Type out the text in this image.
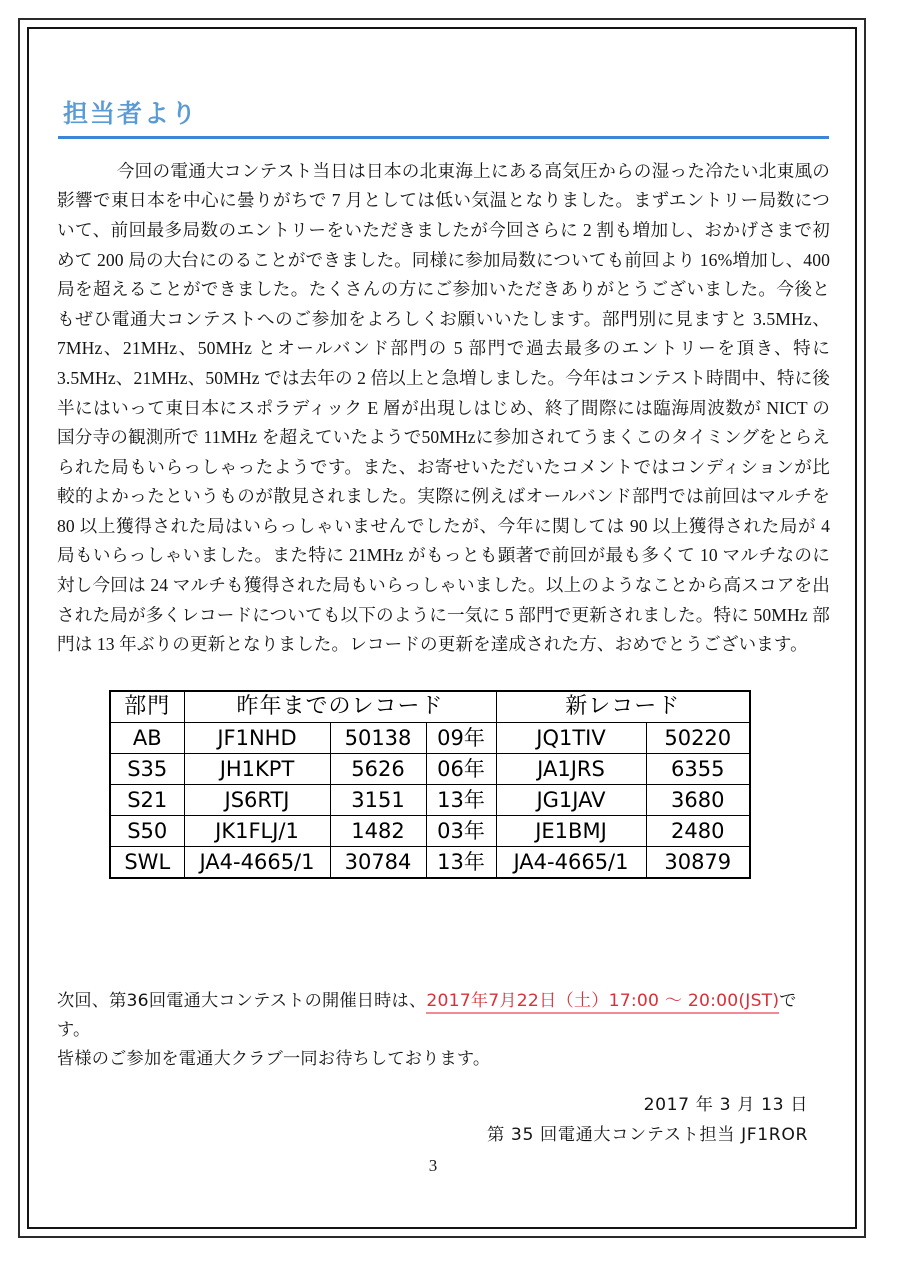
担当者より

今回の電通大コンテスト当日は日本の北東海上にある高気圧からの湿った冷たい北東風の影響で東日本を中心に曇りがちで 7 月としては低い気温となりました。まずエントリー局数について、前回最多局数のエントリーをいただきましたが今回さらに 2 割も増加し、おかげさまで初めて 200 局の大台にのることができました。同様に参加局数についても前回より 16%増加し、400 局を超えることができました。たくさんの方にご参加いただきありがとうございました。今後ともぜひ電通大コンテストへのご参加をよろしくお願いいたします。部門別に見ますと 3.5MHz、7MHz、21MHz、50MHz とオールバンド部門の 5 部門で過去最多のエントリーを頂き、特に 3.5MHz、21MHz、50MHz では去年の 2 倍以上と急増しました。今年はコンテスト時間中、特に後半にはいって東日本にスポラディック E 層が出現しはじめ、終了間際には臨海周波数が NICT の国分寺の観測所で 11MHz を超えていたようで50MHzに参加されてうまくこのタイミングをとらえられた局もいらっしゃったようです。また、お寄せいただいたコメントではコンディションが比較的よかったというものが散見されました。実際に例えばオールバンド部門では前回はマルチを 80 以上獲得された局はいらっしゃいませんでしたが、今年に関しては 90 以上獲得された局が 4 局もいらっしゃいました。また特に 21MHz がもっとも顕著で前回が最も多くて 10 マルチなのに対し今回は 24 マルチも獲得された局もいらっしゃいました。以上のようなことから高スコアを出された局が多くレコードについても以下のように一気に 5 部門で更新されました。特に 50MHz 部門は 13 年ぶりの更新となりました。レコードの更新を達成された方、おめでとうございます。

部門	昨年までのレコード			新レコード	
AB	JF1NHD	50138	09年	JQ1TIV	50220
S35	JH1KPT	5626	06年	JA1JRS	6355
S21	JS6RTJ	3151	13年	JG1JAV	3680
S50	JK1FLJ/1	1482	03年	JE1BMJ	2480
SWL	JA4-4665/1	30784	13年	JA4-4665/1	30879
次回、第36回電通大コンテストの開催日時は、2017年7月22日（土）17:00 ～ 20:00(JST)です。
皆様のご参加を電通大クラブ一同お待ちしております。
2017 年 3 月 13 日
第 35 回電通大コンテスト担当 JF1ROR
3
